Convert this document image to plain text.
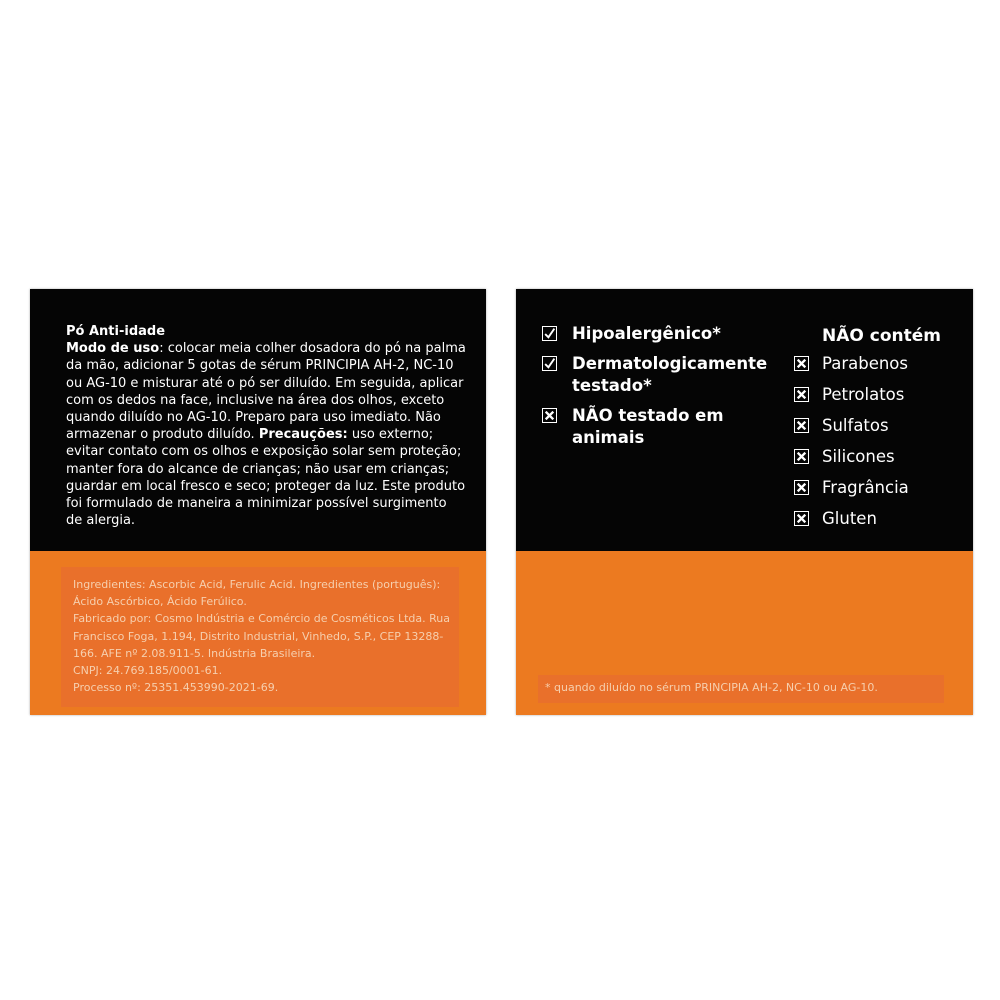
Pó Anti-idade
Modo de uso: colocar meia colher dosadora do pó na palma da mão, adicionar 5 gotas de sérum PRINCIPIA AH-2, NC-10 ou AG-10 e misturar até o pó ser diluído. Em seguida, aplicar com os dedos na face, inclusive na área dos olhos, exceto quando diluído no AG-10. Preparo para uso imediato. Não armazenar o produto diluído. Precauções: uso externo; evitar contato com os olhos e exposição solar sem proteção; manter fora do alcance de crianças; não usar em crianças; guardar em local fresco e seco; proteger da luz. Este produto foi formulado de maneira a minimizar possível surgimento de alergia.

Ingredientes: Ascorbic Acid, Ferulic Acid. Ingredientes (português): Ácido Ascórbico, Ácido Ferúlico.

Fabricado por: Cosmo Indústria e Comércio de Cosméticos Ltda. Rua Francisco Foga, 1.194, Distrito Industrial, Vinhedo, S.P., CEP 13288-166. AFE nº 2.08.911-5. Indústria Brasileira.

CNPJ: 24.769.185/0001-61.

Processo nº: 25351.453990-2021-69.

Hipoalergênico*
Dermatologicamente testado*
NÃO testado em animais
NÃO contém
Parabenos
Petrolatos
Sulfatos
Silicones
Fragrância
Gluten
* quando diluído no sérum PRINCIPIA AH-2, NC-10 ou AG-10.
